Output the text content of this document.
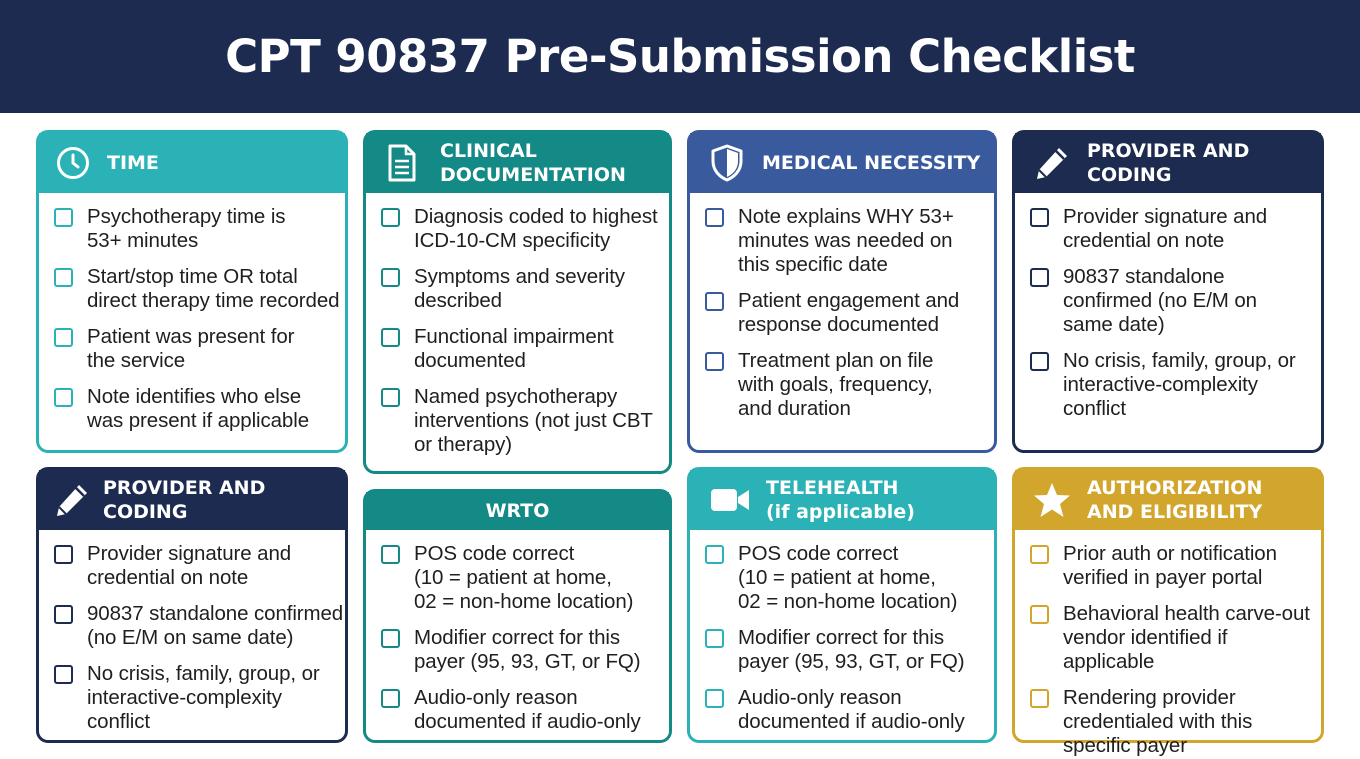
CPT 90837 Pre-Submission Checklist
TIME
Psychotherapy time is
53+ minutes
Start/stop time OR total
direct therapy time recorded
Patient was present for
the service
Note identifies who else
was present if applicable
CLINICAL
DOCUMENTATION
Diagnosis coded to highest
ICD-10-CM specificity
Symptoms and severity
described
Functional impairment
documented
Named psychotherapy
interventions (not just CBT
or therapy)
MEDICAL NECESSITY
Note explains WHY 53+
minutes was needed on
this specific date
Patient engagement and
response documented
Treatment plan on file
with goals, frequency,
and duration
PROVIDER AND
CODING
Provider signature and
credential on note
90837 standalone
confirmed (no E/M on
same date)
No crisis, family, group, or
interactive-complexity
conflict
PROVIDER AND CODING
Provider signature and
credential on note
90837 standalone confirmed
(no E/M on same date)
No crisis, family, group, or
interactive-complexity
conflict
WRTO
POS code correct
(10 = patient at home,
02 = non-home location)
Modifier correct for this
payer (95, 93, GT, or FQ)
Audio-only reason
documented if audio-only
TELEHEALTH
(if applicable)
POS code correct
(10 = patient at home,
02 = non-home location)
Modifier correct for this
payer (95, 93, GT, or FQ)
Audio-only reason
documented if audio-only
AUTHORIZATION
AND ELIGIBILITY
Prior auth or notification
verified in payer portal
Behavioral health carve-out
vendor identified if applicable
Rendering provider
credentialed with this
specific payer
